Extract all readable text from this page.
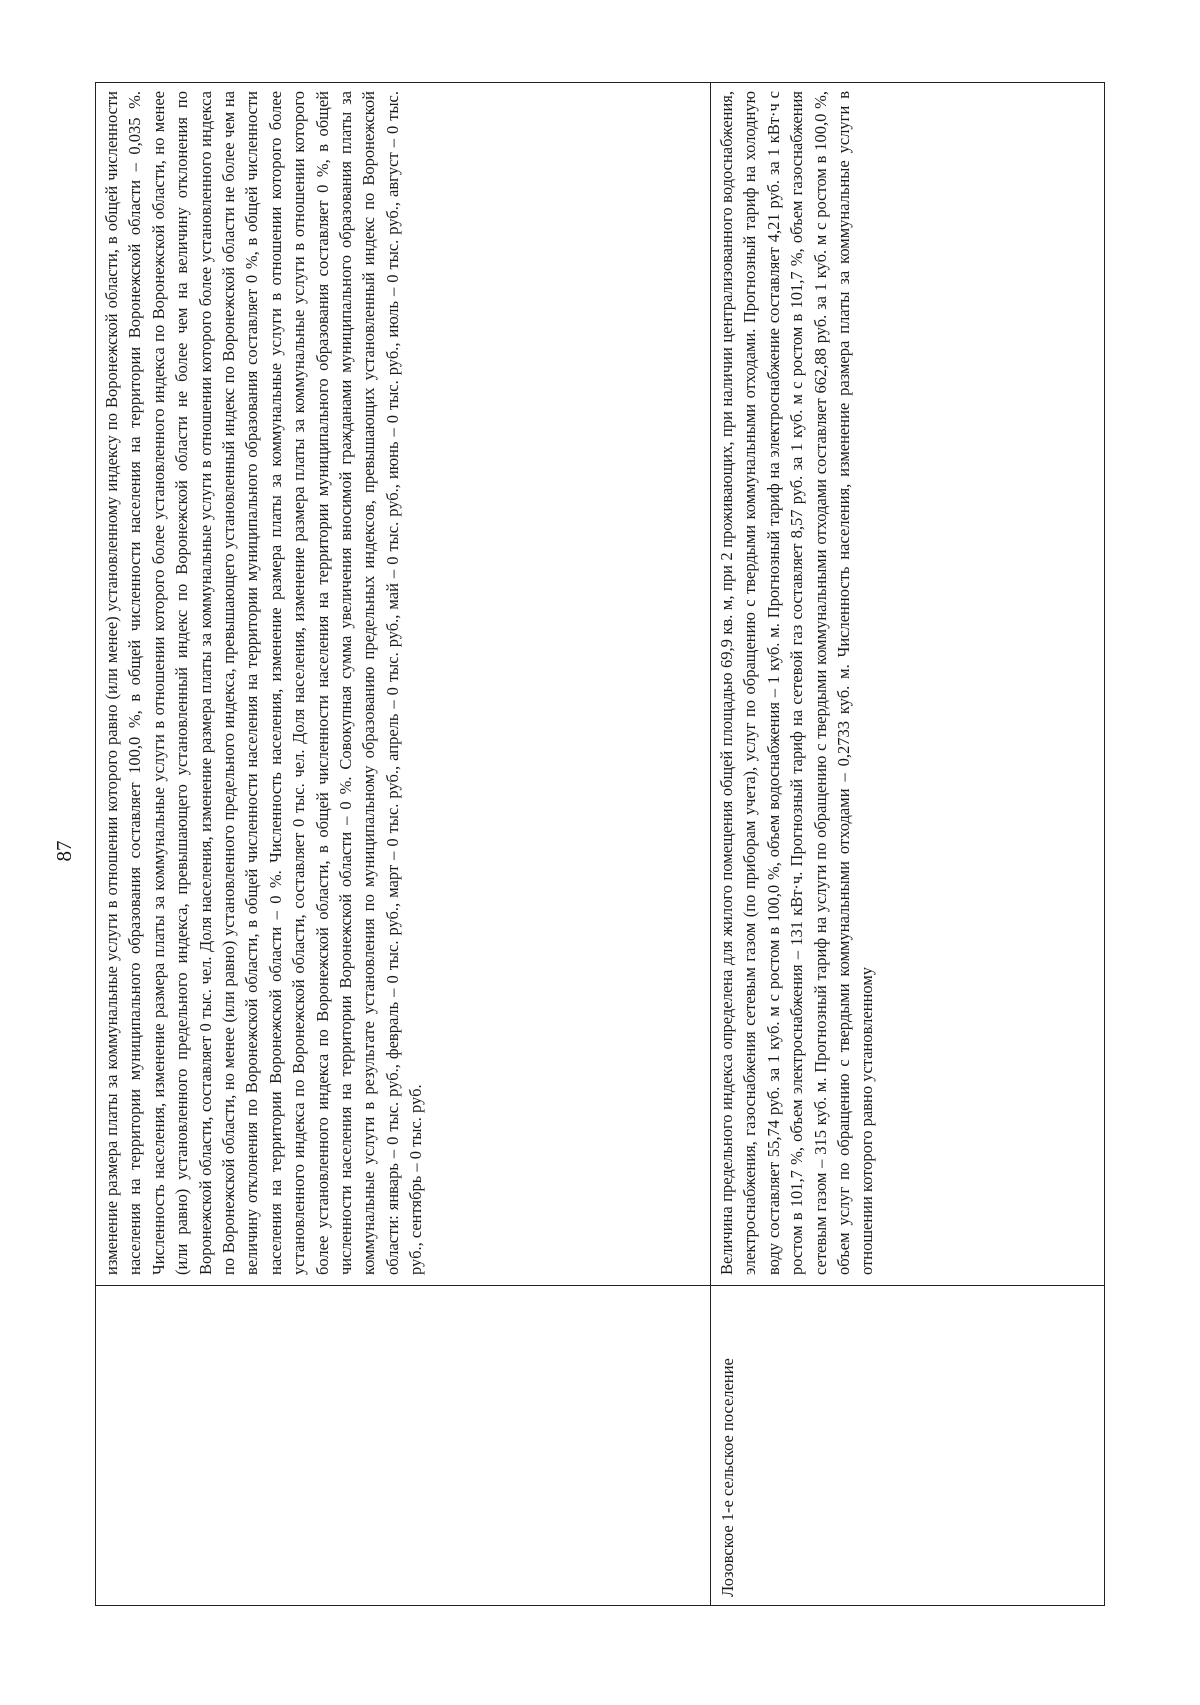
87	изменение размера платы за коммунальные услуги в отношении которого равно (или менее) установленному индексу по Воронежской области, в общей численности населения на территории муниципального образования составляет 100,0 %, в общей численности населения на территории Воронежской области – 0,035 %. Численность населения, изменение размера платы за коммунальные услуги в отношении которого более установленного индекса по Воронежской области, но менее (или равно) установленного предельного индекса, превышающего установленный индекс по Воронежской области не более чем на величину отклонения по Воронежской области, составляет 0 тыс. чел. Доля населения, изменение размера платы за коммунальные услуги в отношении которого более установленного индекса по Воронежской области, но менее (или равно) установленного предельного индекса, превышающего установленный индекс по Воронежской области не более чем на величину отклонения по Воронежской области, в общей численности населения на территории муниципального образования составляет 0 %, в общей численности населения на территории Воронежской области – 0 %. Численность населения, изменение размера платы за коммунальные услуги в отношении которого более установленного индекса по Воронежской области, составляет 0 тыс. чел. Доля населения, изменение размера платы за коммунальные услуги в отношении которого более установленного индекса по Воронежской области, в общей численности населения на территории муниципального образования составляет 0 %, в общей численности населения на территории Воронежской области – 0 %. Совокупная сумма увеличения вносимой гражданами муниципального образования платы за коммунальные услуги в результате установления по муниципальному образованию предельных индексов, превышающих установленный индекс по Воронежской области: январь – 0 тыс. руб., февраль – 0 тыс. руб., март – 0 тыс. руб., апрель – 0 тыс. руб., май – 0 тыс. руб., июнь – 0 тыс. руб., июль – 0 тыс. руб., август – 0 тыс. руб., сентябрь – 0 тыс. руб.
Лозовское 1-е сельское поселение
Величина предельного индекса определена для жилого помещения общей площадью 69,9 кв. м, при 2 проживающих, при наличии централизованного водоснабжения, электроснабжения, газоснабжения сетевым газом (по приборам учета), услуг по обращению с твердыми коммунальными отходами. Прогнозный тариф на холодную воду составляет 55,74 руб. за 1 куб. м с ростом в 100,0 %, объем водоснабжения – 1 куб. м. Прогнозный тариф на электроснабжение составляет 4,21 руб. за 1 кВт·ч с ростом в 101,7 %, объем электроснабжения – 131 кВт·ч. Прогнозный тариф на сетевой газ составляет 8,57 руб. за 1 куб. м с ростом в 101,7 %, объем газоснабжения сетевым газом – 315 куб. м. Прогнозный тариф на услуги по обращению с твердыми коммунальными отходами составляет 662,88 руб. за 1 куб. м с ростом в 100,0 %, объем услуг по обращению с твердыми коммунальными отходами – 0,2733 куб. м. Численность населения, изменение размера платы за коммунальные услуги в отношении которого равно установленному
